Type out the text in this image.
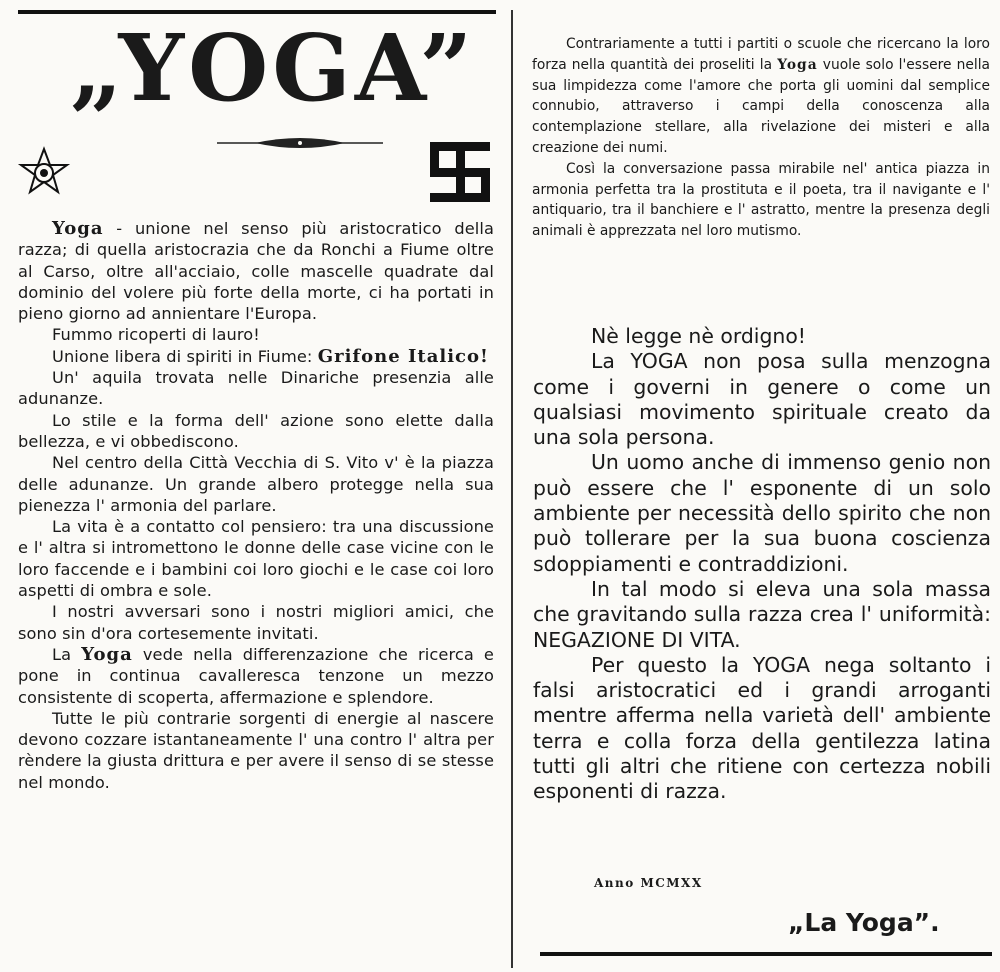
„YOGA”

Yoga - unione nel senso più aristocratico della razza; di quella aristocrazia che da Ronchi a Fiume oltre al Carso, oltre all'acciaio, colle mascelle quadrate dal dominio del volere più forte della morte, ci ha portati in pieno giorno ad annientare l'Europa.

Fummo ricoperti di lauro!

Unione libera di spiriti in Fiume: Grifone Italico!

Un' aquila trovata nelle Dinariche presenzia alle adunanze.

Lo stile e la forma dell' azione sono elette dalla bellezza, e vi obbediscono.

Nel centro della Città Vecchia di S. Vito v' è la piazza delle adunanze. Un grande albero protegge nella sua pienezza l' armonia del parlare.

La vita è a contatto col pensiero: tra una discussione e l' altra si intromettono le donne delle case vicine con le loro faccende e i bambini coi loro giochi e le case coi loro aspetti di ombra e sole.

I nostri avversari sono i nostri migliori amici, che sono sin d'ora cortesemente invitati.

La Yoga vede nella differenzazione che ricerca e pone in continua cavalleresca tenzone un mezzo consistente di scoperta, affermazione e splendore.

Tutte le più contrarie sorgenti di energie al nascere devono cozzare istantaneamente l' una contro l' altra per rèndere la giusta drittura e per avere il senso di se stesse nel mondo.

Contrariamente a tutti i partiti o scuole che ricercano la loro forza nella quantità dei proseliti la Yoga vuole solo l'essere nella sua limpidezza come l'amore che porta gli uomini dal semplice connubio, attraverso i campi della conoscenza alla contemplazione stellare, alla rivelazione dei misteri e alla creazione dei numi.

Così la conversazione passa mirabile nel' antica piazza in armonia perfetta tra la prostituta e il poeta, tra il navigante e l' antiquario, tra il banchiere e l' astratto, mentre la presenza degli animali è apprezzata nel loro mutismo.

Nè legge nè ordigno!

La YOGA non posa sulla menzogna come i governi in genere o come un qualsiasi movimento spirituale creato da una sola persona.

Un uomo anche di immenso genio non può essere che l' esponente di un solo ambiente per necessità dello spirito che non può tollerare per la sua buona coscienza sdoppiamenti e contraddizioni.

In tal modo si eleva una sola massa che gravitando sulla razza crea l' uniformità: NEGAZIONE DI VITA.

Per questo la YOGA nega soltanto i falsi aristocratici ed i grandi arroganti mentre afferma nella varietà dell' ambiente terra e colla forza della gentilezza latina tutti gli altri che ritiene con certezza nobili esponenti di razza.

Anno MCMXX
„La Yoga”.
